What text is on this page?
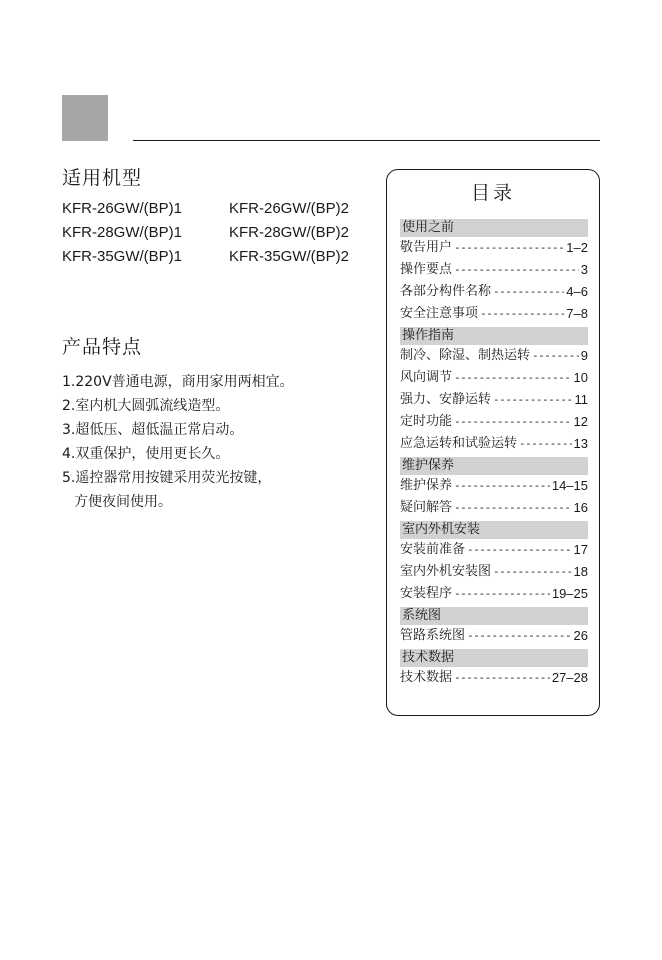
适用机型
KFR-26GW/(BP)1	KFR-26GW/(BP)2
KFR-28GW/(BP)1	KFR-28GW/(BP)2
KFR-35GW/(BP)1	KFR-35GW/(BP)2
产品特点
1.220V普通电源，商用家用两相宜。
2.室内机大圆弧流线造型。
3.超低压、超低温正常启动。
4.双重保护，使用更长久。
5.遥控器常用按键采用荧光按键，
方便夜间使用。
目录
使用之前
敬告用户 -----	1–2
操作要点 -----	3
各部分构件名称 -----	4–6
安全注意事项 -----	7–8
操作指南
制冷、除湿、制热运转 -----	9
风向调节 -----	10
强力、安静运转 -----	11
定时功能 -----	12
应急运转和试验运转 -----	13
维护保养
维护保养 -----	14–15
疑问解答 -----	16
室内外机安装
安装前准备 -----	17
室内外机安装图 -----	18
安装程序 -----	19–25
系统图
管路系统图 -----	26
技术数据
技术数据 -----	27–28
